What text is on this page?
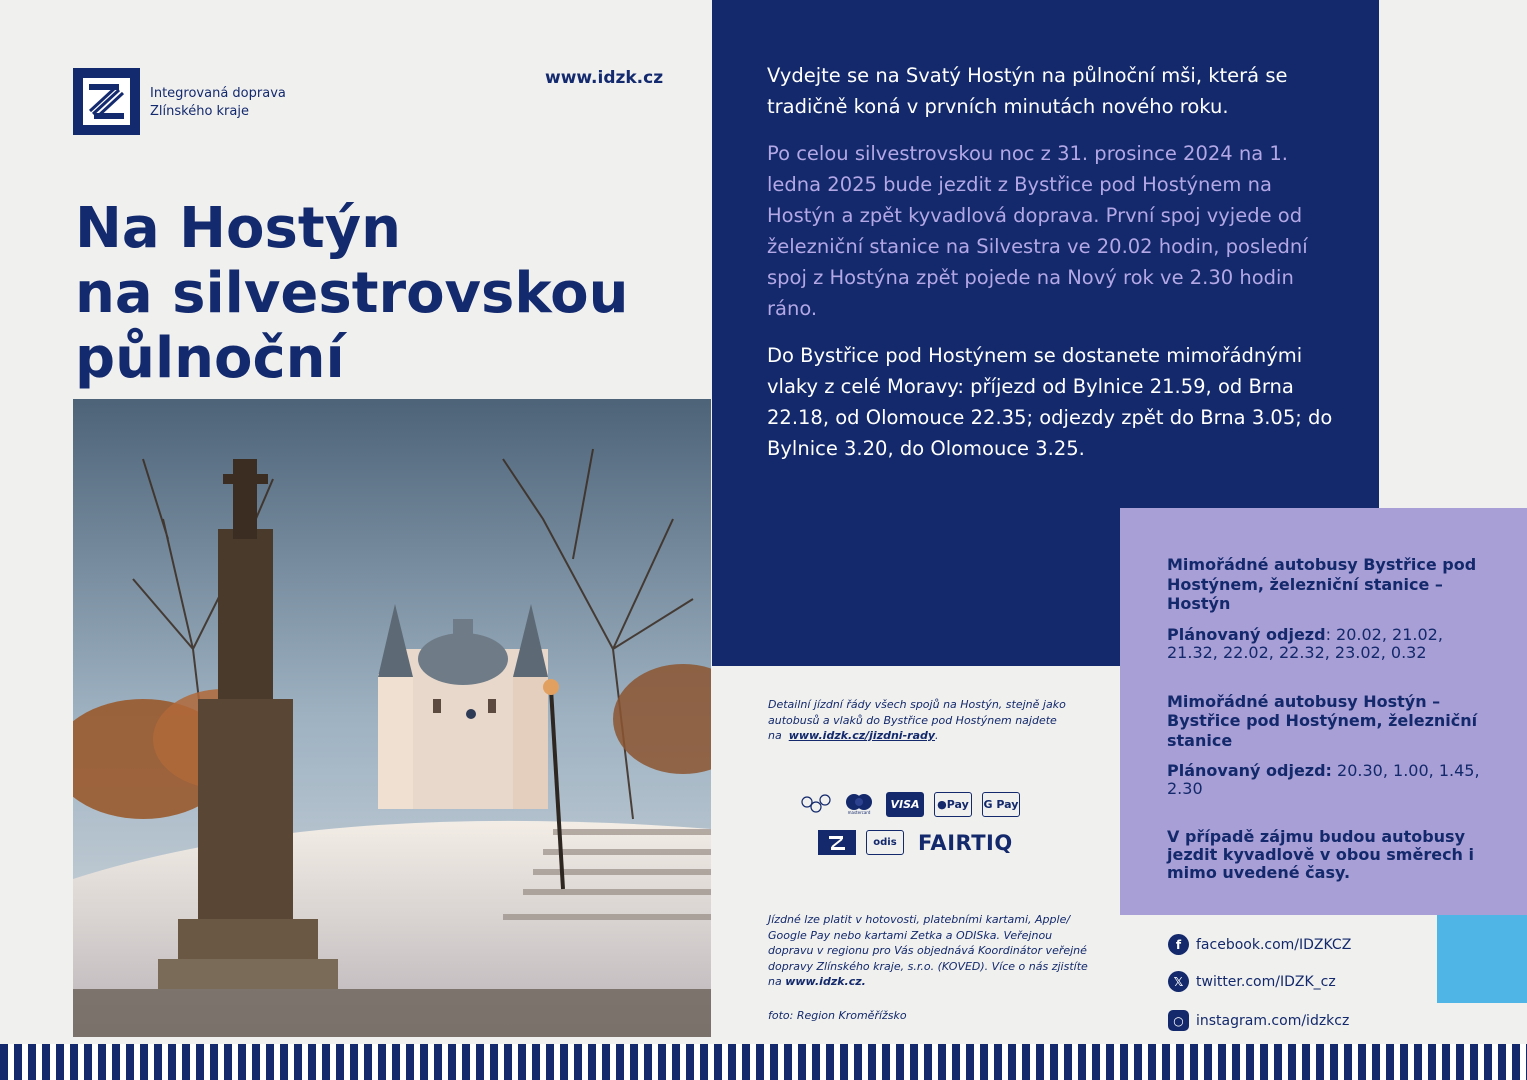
Integrovaná doprava
Zlínského kraje
www.idzk.cz
Na Hostýn
na silvestrovskou
půlnoční

Vydejte se na Svatý Hostýn na půlnoční mši, která se tradičně koná v prvních minutách nového roku.

Po celou silvestrovskou noc z 31. prosince 2024 na 1. ledna 2025 bude jezdit z Bystřice pod Hostýnem na Hostýn a zpět kyvadlová doprava. První spoj vyjede od železniční stanice na Silvestra ve 20.02 hodin, poslední spoj z Hostýna zpět pojede na Nový rok ve 2.30 hodin ráno.

Do Bystřice pod Hostýnem se dostanete mimořádnými vlaky z celé Moravy: příjezd od Bylnice 21.59, od Brna 22.18, od Olomouce 22.35; odjezdy zpět do Brna 3.05; do Bylnice 3.20, do Olomouce 3.25.

Mimořádné autobusy Bystřice pod Hostýnem, železniční stanice – Hostýn
Plánovaný odjezd: 20.02, 21.02, 21.32, 22.02, 22.32, 23.02, 0.32
Mimořádné autobusy Hostýn – Bystřice pod Hostýnem, železniční stanice
Plánovaný odjezd: 20.30, 1.00, 1.45, 2.30
V případě zájmu budou autobusy jezdit kyvadlově v obou směrech i mimo uvedené časy.
Detailní jízdní řády všech spojů na Hostýn, stejně jako autobusů a vlaků do Bystřice pod Hostýnem najdete na www.idzk.cz/jizdni-rady.
mastercard
VISA	● Pay G Pay
odis	FAIRTIQ
Jízdné lze platit v hotovosti, platebními kartami, Apple/ Google Pay nebo kartami Zetka a ODISka. Veřejnou dopravu v regionu pro Vás objednává Koordinátor veřejné dopravy Zlínského kraje, s.r.o. (KOVED). Více o nás zjistíte na www.idzk.cz.
foto: Region Kroměřížsko
f	facebook.com/IDZKCZ
𝕏 twitter.com/IDZK_cz
○ instagram.com/idzkcz
